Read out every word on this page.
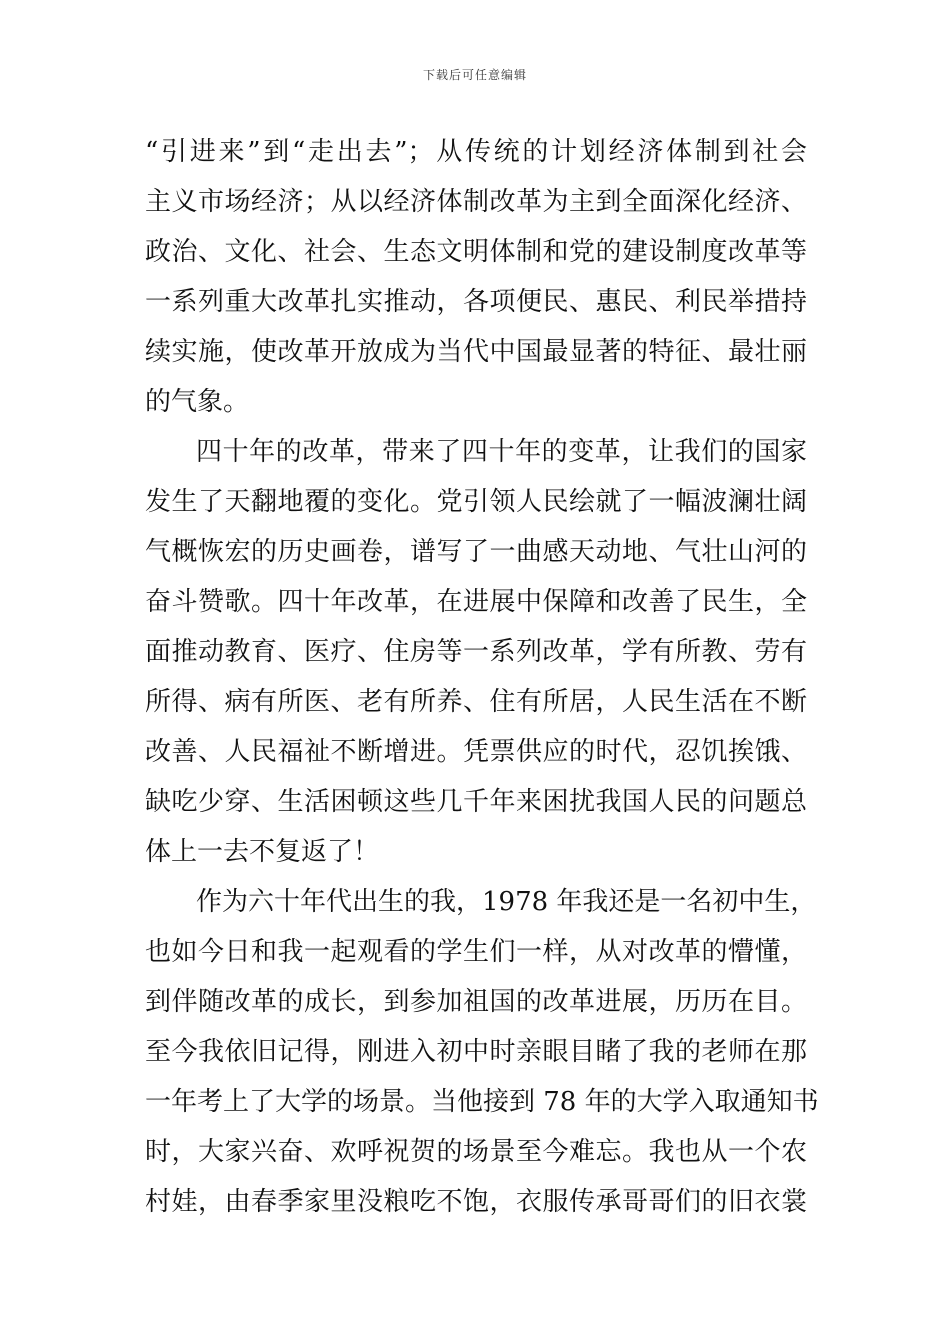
下载后可任意编辑
“引进来”到“走出去”；从传统的计划经济体制到社会
主义市场经济；从以经济体制改革为主到全面深化经济、
政治、文化、社会、生态文明体制和党的建设制度改革等
一系列重大改革扎实推动，各项便民、惠民、利民举措持
续实施，使改革开放成为当代中国最显著的特征、最壮丽
的气象。
四十年的改革，带来了四十年的变革，让我们的国家
发生了天翻地覆的变化。党引领人民绘就了一幅波澜壮阔
气概恢宏的历史画卷，谱写了一曲感天动地、气壮山河的
奋斗赞歌。四十年改革，在进展中保障和改善了民生，全
面推动教育、医疗、住房等一系列改革，学有所教、劳有
所得、病有所医、老有所养、住有所居，人民生活在不断
改善、人民福祉不断增进。凭票供应的时代，忍饥挨饿、
缺吃少穿、生活困顿这些几千年来困扰我国人民的问题总
体上一去不复返了！
作为六十年代出生的我，1978 年我还是一名初中生，
也如今日和我一起观看的学生们一样，从对改革的懵懂，
到伴随改革的成长，到参加祖国的改革进展，历历在目。
至今我依旧记得，刚进入初中时亲眼目睹了我的老师在那
一年考上了大学的场景。当他接到 78 年的大学入取通知书
时，大家兴奋、欢呼祝贺的场景至今难忘。我也从一个农
村娃，由春季家里没粮吃不饱，衣服传承哥哥们的旧衣裳
